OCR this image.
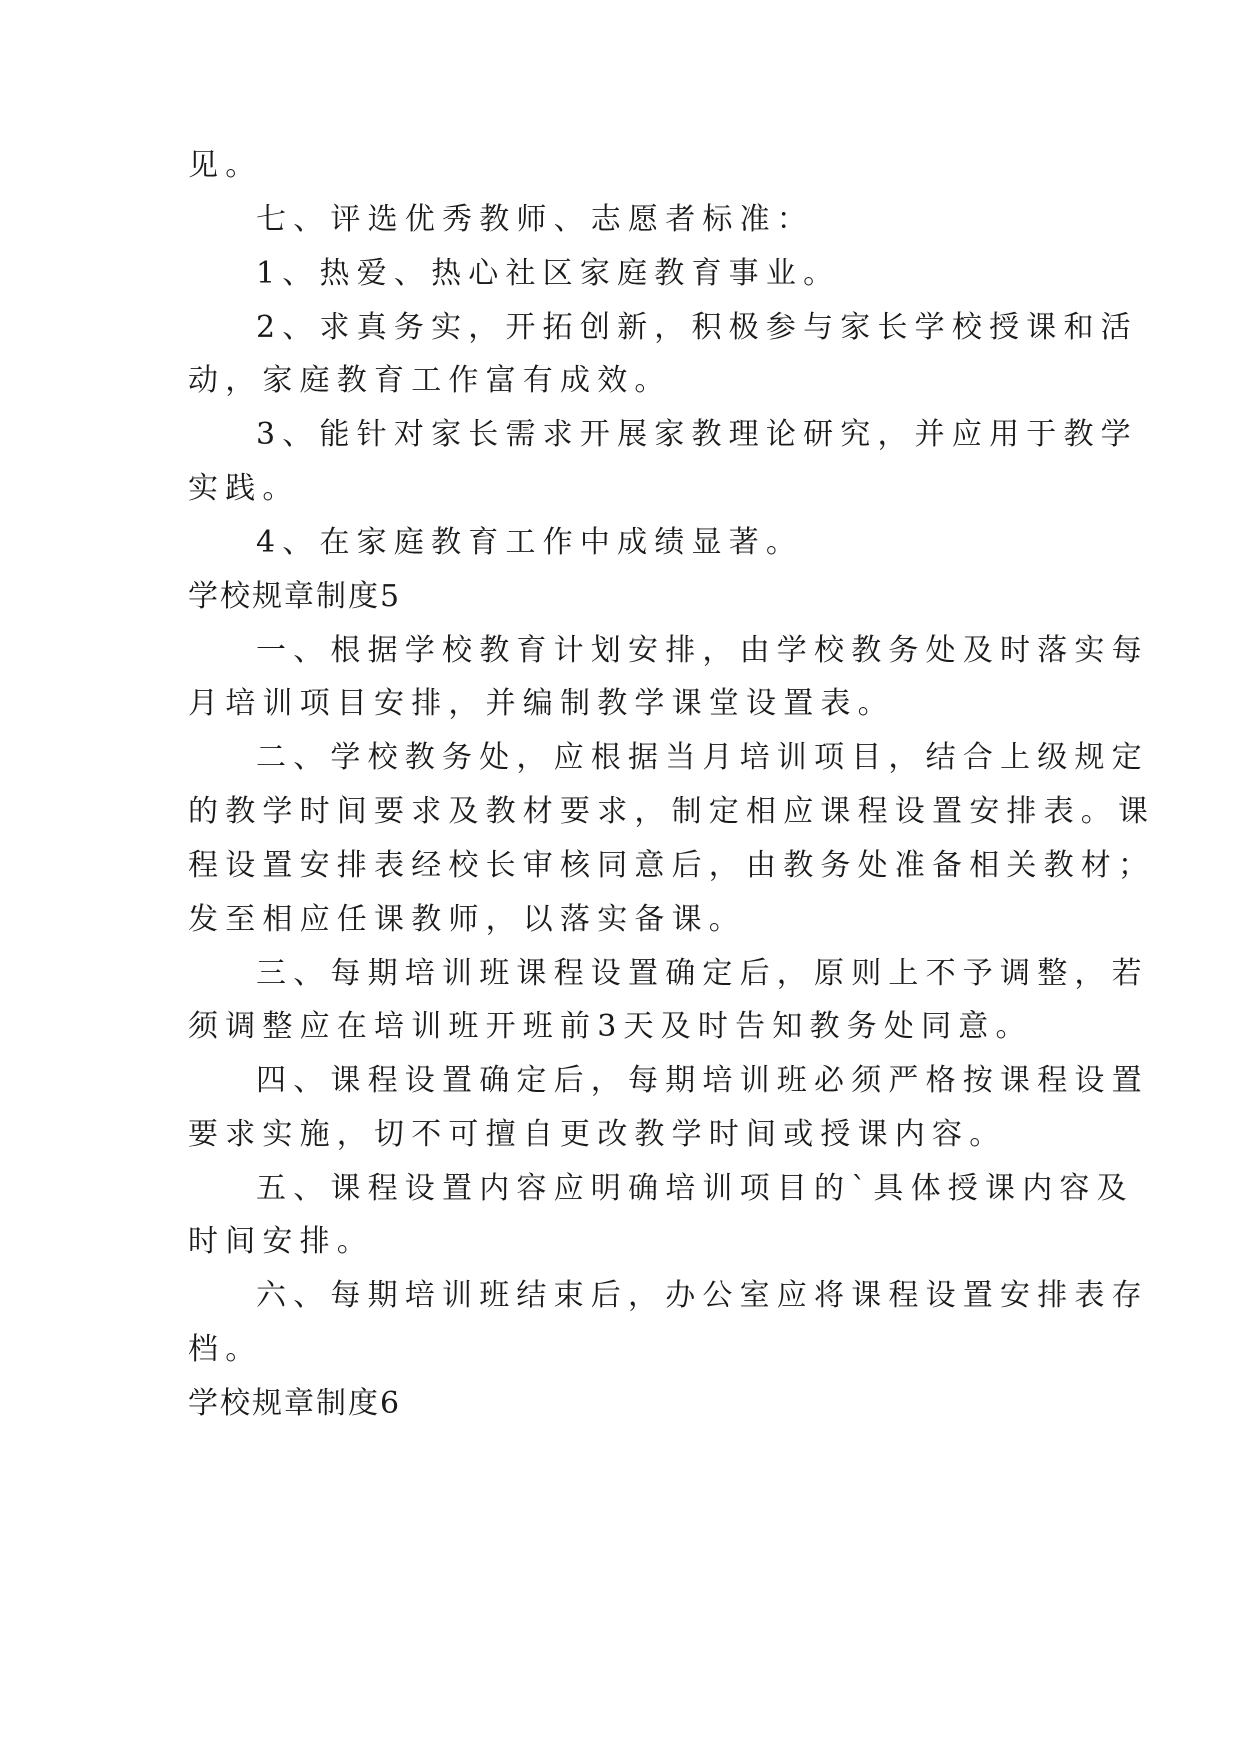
见。
七、评选优秀教师、志愿者标准：
1、热爱、热心社区家庭教育事业。
2、求真务实，开拓创新，积极参与家长学校授课和活
动，家庭教育工作富有成效。
3、能针对家长需求开展家教理论研究，并应用于教学
实践。
4、在家庭教育工作中成绩显著。
学校规章制度5
一、根据学校教育计划安排，由学校教务处及时落实每
月培训项目安排，并编制教学课堂设置表。
二、学校教务处，应根据当月培训项目，结合上级规定
的教学时间要求及教材要求，制定相应课程设置安排表。课
程设置安排表经校长审核同意后，由教务处准备相关教材；
发至相应任课教师，以落实备课。
三、每期培训班课程设置确定后，原则上不予调整，若
须调整应在培训班开班前3天及时告知教务处同意。
四、课程设置确定后，每期培训班必须严格按课程设置
要求实施，切不可擅自更改教学时间或授课内容。
五、课程设置内容应明确培训项目的`具体授课内容及
时间安排。
六、每期培训班结束后，办公室应将课程设置安排表存
档。
学校规章制度6
